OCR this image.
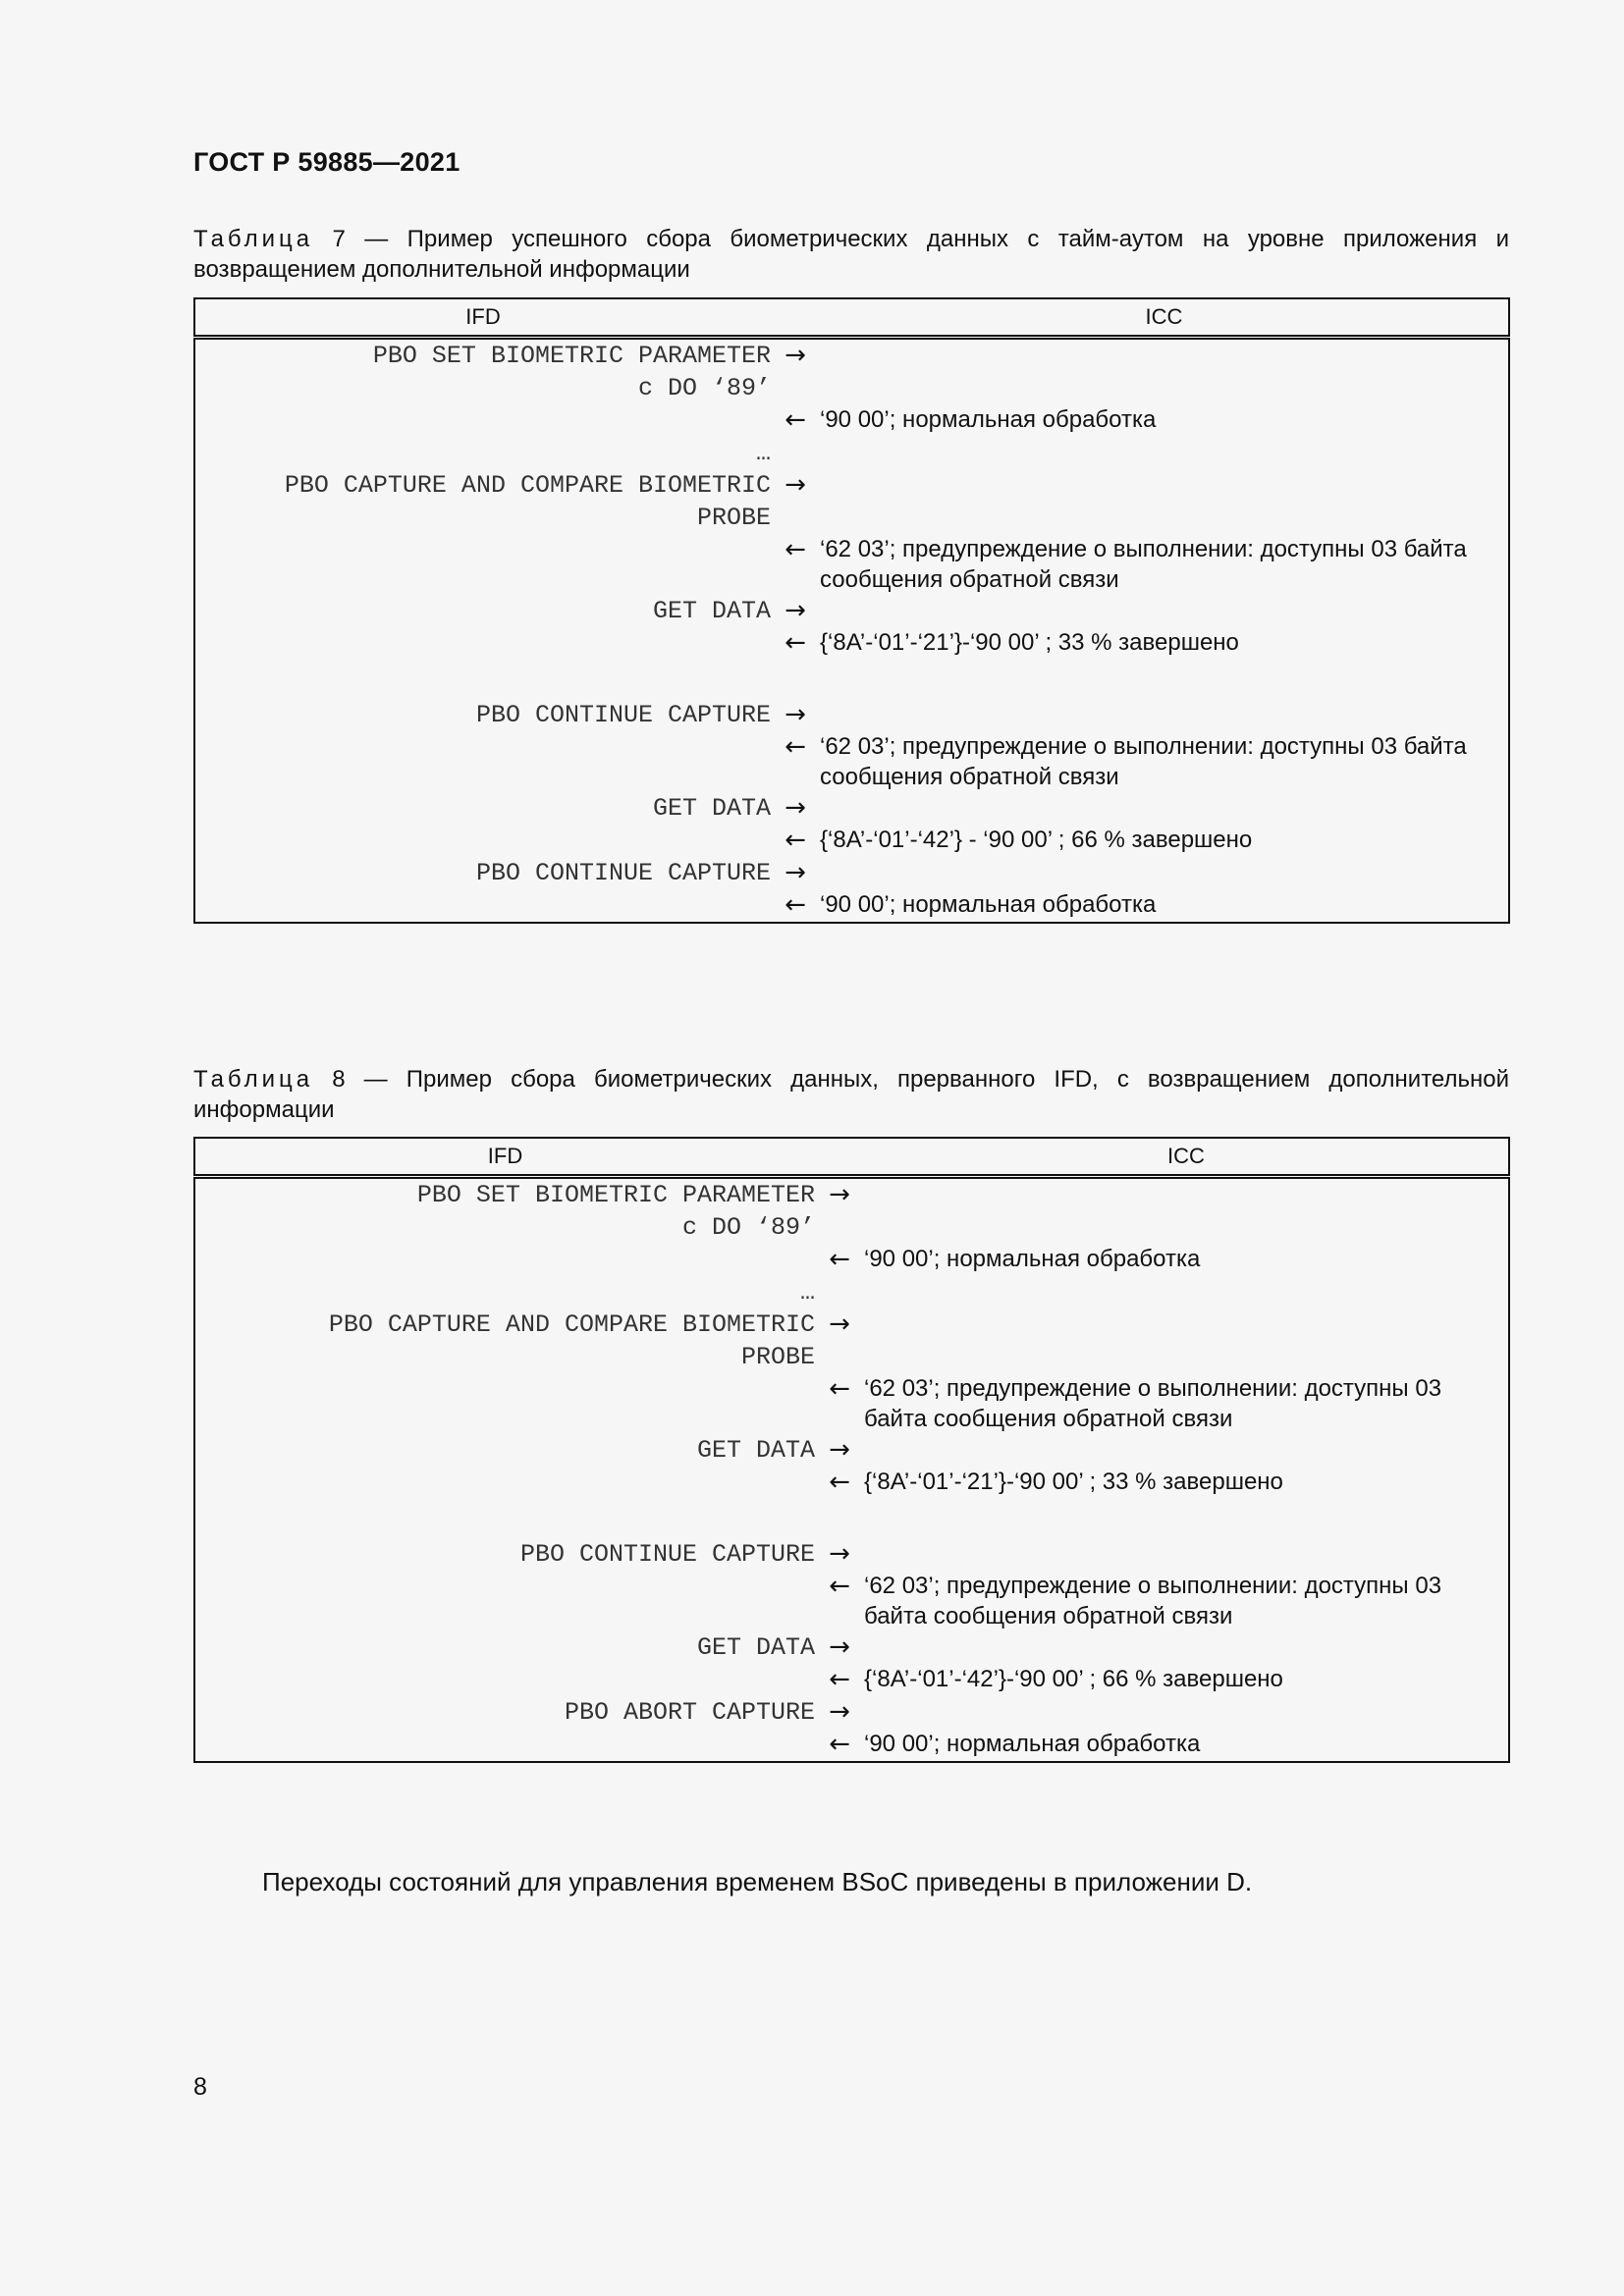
ГОСТ Р 59885—2021
Таблица 7 — Пример успешного сбора биометрических данных с тайм-аутом на уровне приложения и возвращением дополнительной информации
IFD		ICC
PBO SET BIOMETRIC PARAMETER
с DO ‘89’	→	
	←	‘90 00’; нормальная обработка
…		
PBO CAPTURE AND COMPARE BIOMETRIC
PROBE	→	
	←	‘62 03’; предупреждение о выполнении: доступны 03 байта сообщения обратной связи
GET DATA	→	
	←	{‘8A’-‘01’-‘21’}-‘90 00’ ; 33 % завершено

PBO CONTINUE CAPTURE	→	
	←	‘62 03’; предупреждение о выполнении: доступны 03 байта сообщения обратной связи
GET DATA	→	
	←	{‘8A’-‘01’-‘42’} - ‘90 00’ ; 66 % завершено
PBO CONTINUE CAPTURE	→	
	←	‘90 00’; нормальная обработка
Таблица 8 — Пример сбора биометрических данных, прерванного IFD, с возвращением дополнительной информации
IFD		ICC
PBO SET BIOMETRIC PARAMETER
с DO ‘89’	→	
	←	‘90 00’; нормальная обработка
…		
PBO CAPTURE AND COMPARE BIOMETRIC
PROBE	→	
	←	‘62 03’; предупреждение о выполнении: доступны 03 байта сообщения обратной связи
GET DATA	→	
	←	{‘8A’-‘01’-‘21’}-‘90 00’ ; 33 % завершено

PBO CONTINUE CAPTURE	→	
	←	‘62 03’; предупреждение о выполнении: доступны 03 байта сообщения обратной связи
GET DATA	→	
	←	{‘8A’-‘01’-‘42’}-‘90 00’ ; 66 % завершено
PBO ABORT CAPTURE	→	
	←	‘90 00’; нормальная обработка
Переходы состояний для управления временем BSoC приведены в приложении D.
8
